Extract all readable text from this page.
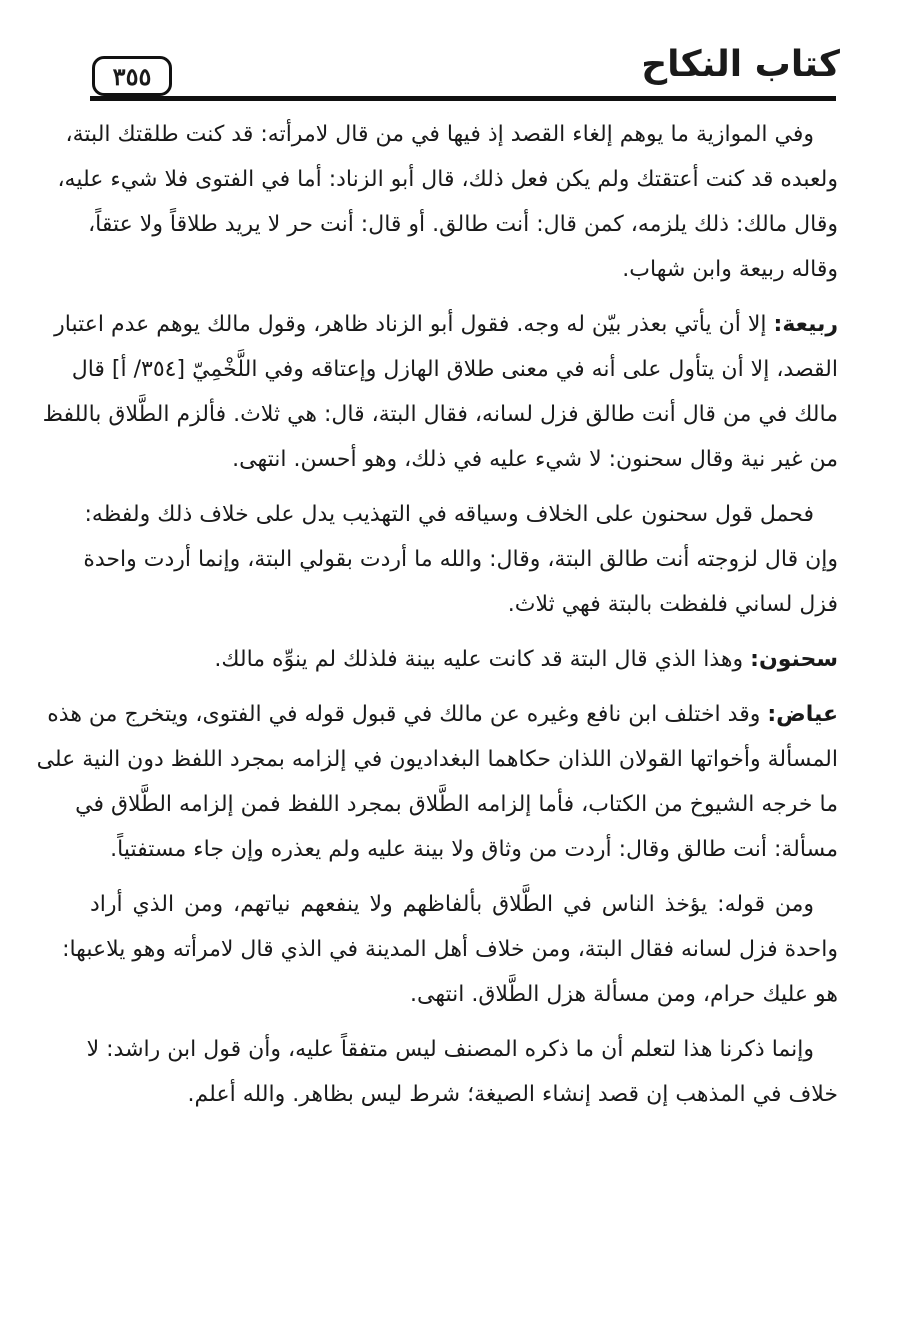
٣٥٥	كتاب النكاح
وفي الموازية ما يوهم إلغاء القصد إذ فيها في من قال لامرأته: قد كنت طلقتك البتة،
ولعبده قد كنت أعتقتك ولم يكن فعل ذلك، قال أبو الزناد: أما في الفتوى فلا شيء عليه،
وقال مالك: ذلك يلزمه، كمن قال: أنت طالق. أو قال: أنت حر لا يريد طلاقاً ولا عتقاً،
وقاله ربيعة وابن شهاب.
ربيعة: إلا أن يأتي بعذر بيّن له وجه. فقول أبو الزناد ظاهر، وقول مالك يوهم عدم اعتبار
القصد، إلا أن يتأول على أنه في معنى طلاق الهازل وإعتاقه وفي اللَّخْمِيّ [٣٥٤/ أ] قال
مالك في من قال أنت طالق فزل لسانه، فقال البتة، قال: هي ثلاث. فألزم الطَّلاق باللفظ
من غير نية وقال سحنون: لا شيء عليه في ذلك، وهو أحسن. انتهى.
فحمل قول سحنون على الخلاف وسياقه في التهذيب يدل على خلاف ذلك ولفظه:
وإن قال لزوجته أنت طالق البتة، وقال: والله ما أردت بقولي البتة، وإنما أردت واحدة
فزل لساني فلفظت بالبتة فهي ثلاث.
سحنون: وهذا الذي قال البتة قد كانت عليه بينة فلذلك لم ينوِّه مالك.
عياض: وقد اختلف ابن نافع وغيره عن مالك في قبول قوله في الفتوى، ويتخرج من هذه
المسألة وأخواتها القولان اللذان حكاهما البغداديون في إلزامه بمجرد اللفظ دون النية على
ما خرجه الشيوخ من الكتاب، فأما إلزامه الطَّلاق بمجرد اللفظ فمن إلزامه الطَّلاق في
مسألة: أنت طالق وقال: أردت من وثاق ولا بينة عليه ولم يعذره وإن جاء مستفتياً.
ومن قوله: يؤخذ الناس في الطَّلاق بألفاظهم ولا ينفعهم نياتهم، ومن الذي أراد
واحدة فزل لسانه فقال البتة، ومن خلاف أهل المدينة في الذي قال لامرأته وهو يلاعبها:
هو عليك حرام، ومن مسألة هزل الطَّلاق. انتهى.
وإنما ذكرنا هذا لتعلم أن ما ذكره المصنف ليس متفقاً عليه، وأن قول ابن راشد: لا
خلاف في المذهب إن قصد إنشاء الصيغة؛ شرط ليس بظاهر. والله أعلم.
